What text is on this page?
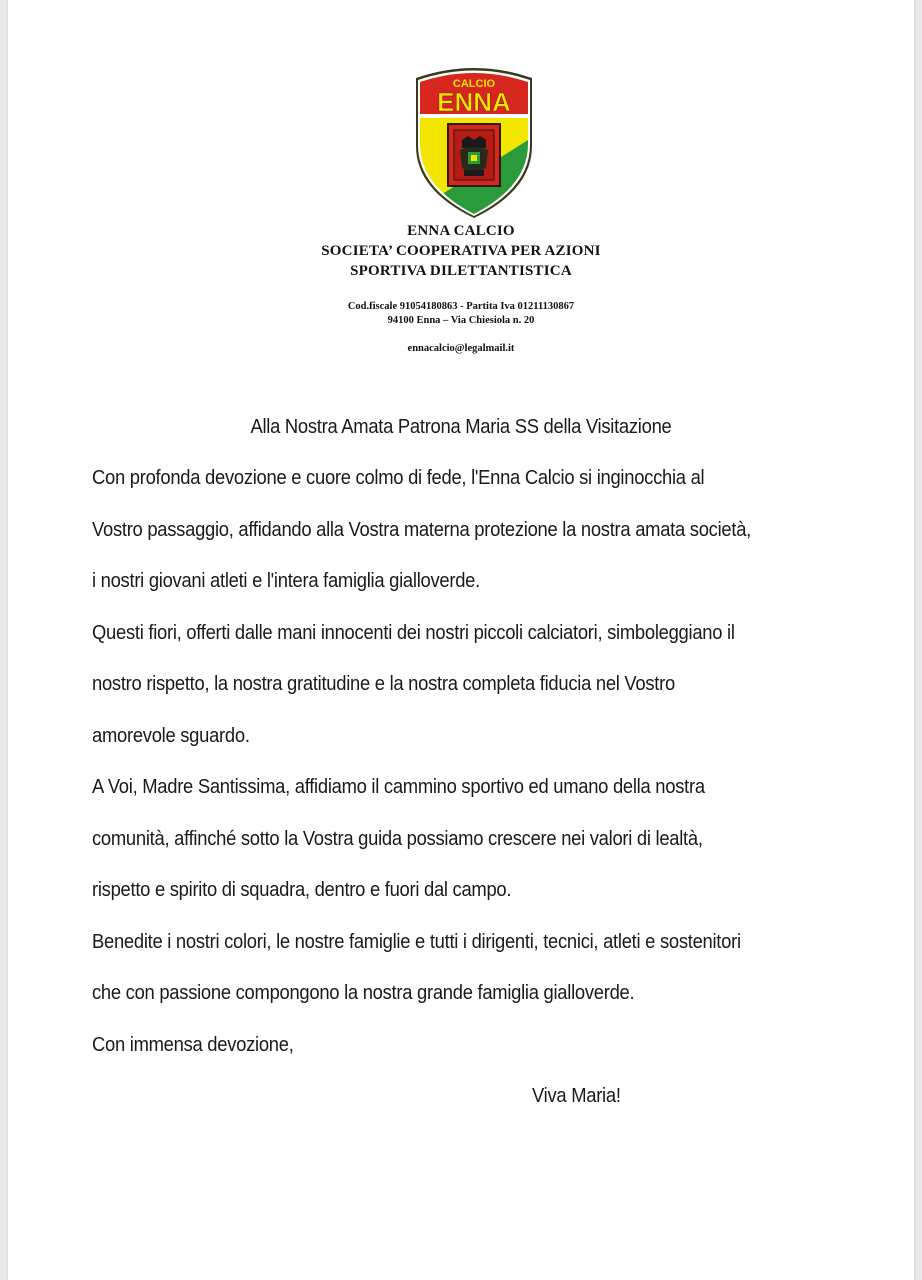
CALCIO
ENNA

ENNA CALCIO

SOCIETA’ COOPERATIVA PER AZIONI

SPORTIVA DILETTANTISTICA

Cod.fiscale 91054180863 - Partita Iva 01211130867

94100 Enna – Via Chiesiola n. 20

ennacalcio@legalmail.it

Alla Nostra Amata Patrona Maria SS della Visitazione
Con profonda devozione e cuore colmo di fede, l'Enna Calcio si inginocchia al
Vostro passaggio, affidando alla Vostra materna protezione la nostra amata società,
i nostri giovani atleti e l'intera famiglia gialloverde.
Questi fiori, offerti dalle mani innocenti dei nostri piccoli calciatori, simboleggiano il
nostro rispetto, la nostra gratitudine e la nostra completa fiducia nel Vostro
amorevole sguardo.
A Voi, Madre Santissima, affidiamo il cammino sportivo ed umano della nostra
comunità, affinché sotto la Vostra guida possiamo crescere nei valori di lealtà,
rispetto e spirito di squadra, dentro e fuori dal campo.
Benedite i nostri colori, le nostre famiglie e tutti i dirigenti, tecnici, atleti e sostenitori
che con passione compongono la nostra grande famiglia gialloverde.
Con immensa devozione,
Viva Maria!
